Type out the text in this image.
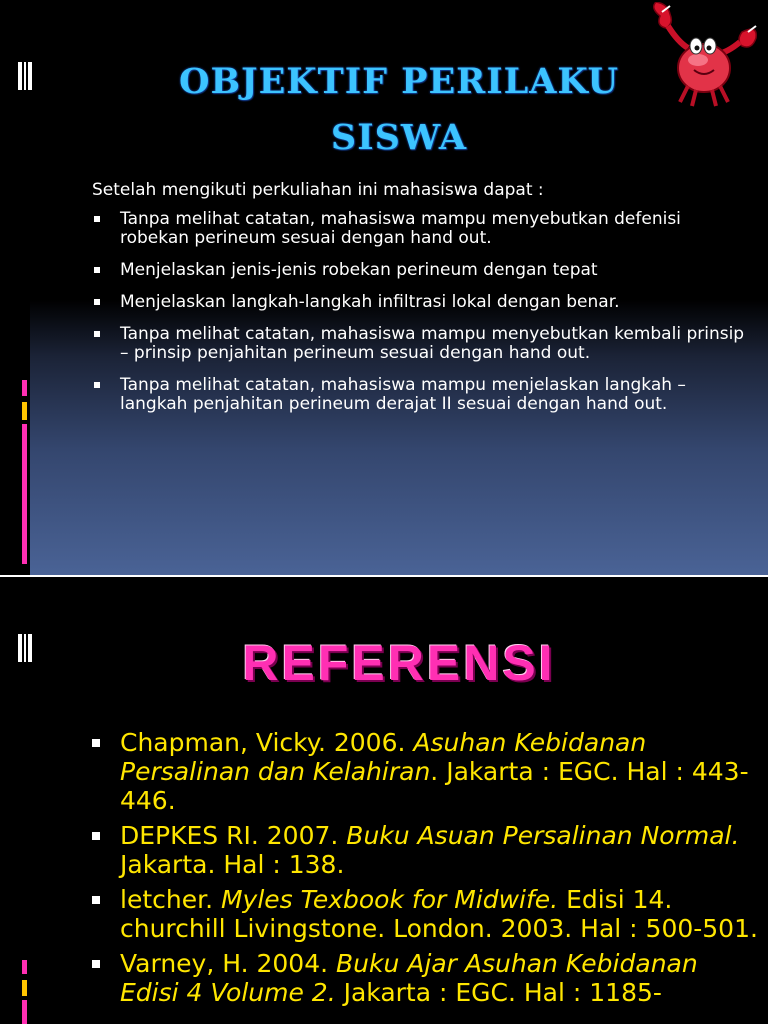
OBJEKTIF PERILAKU
SISWA
Setelah mengikuti perkuliahan ini mahasiswa dapat :
Tanpa melihat catatan, mahasiswa mampu menyebutkan defenisi robekan perineum sesuai dengan hand out.
Menjelaskan jenis-jenis robekan perineum dengan tepat
Menjelaskan langkah-langkah infiltrasi lokal dengan benar.
Tanpa melihat catatan, mahasiswa mampu menyebutkan kembali prinsip – prinsip penjahitan perineum sesuai dengan hand out.
Tanpa melihat catatan, mahasiswa mampu menjelaskan langkah – langkah penjahitan perineum derajat II sesuai dengan hand out.
REFERENSI
Chapman, Vicky. 2006. Asuhan Kebidanan Persalinan dan Kelahiran. Jakarta : EGC. Hal : 443- 446.
DEPKES RI. 2007. Buku Asuan Persalinan Normal. Jakarta. Hal : 138.
letcher. Myles Texbook for Midwife. Edisi 14. churchill Livingstone. London. 2003. Hal : 500-501.
Varney, H. 2004. Buku Ajar Asuhan Kebidanan Edisi 4 Volume 2. Jakarta : EGC. Hal : 1185-
